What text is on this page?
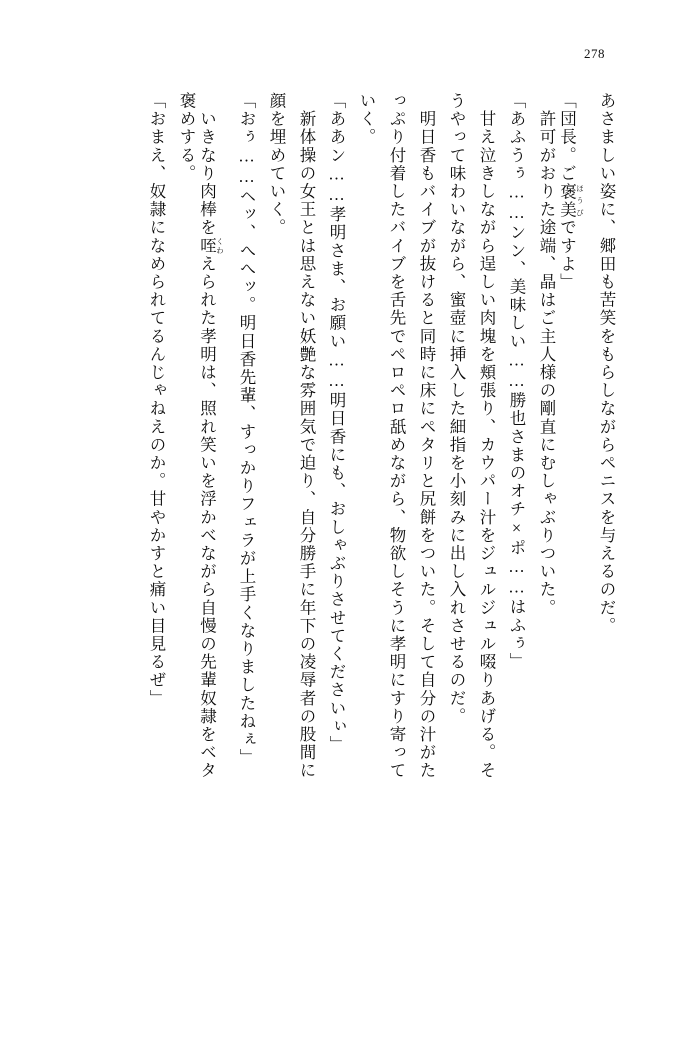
278
あさましい姿に、郷田も苦笑をもらしながらペニスを与えるのだ。
「団長。ご褒美 ほうびですよ」
　許可がおりた途端、晶はご主人様の剛直にむしゃぶりついた。
「あふうぅ……ンン、美味しい……勝也さまのオチ×ポ……はふぅ」
　甘え泣きしながら逞しい肉塊を頬張り、カウパー汁をジュルジュル啜りあげる。そ
うやって味わいながら、蜜壺に挿入した細指を小刻みに出し入れさせるのだ。
　明日香もバイブが抜けると同時に床にペタリと尻餅をついた。そして自分の汁がた
っぷり付着したバイブを舌先でペロペロ舐めながら、物欲しそうに孝明にすり寄って
いく。
「ああン……孝明さま、お願い……明日香にも、おしゃぶりさせてくださいぃ」
　新体操の女王とは思えない妖艶な雰囲気で迫り、自分勝手に年下の凌辱者の股間に
顔を埋めていく。
「おぅ……ヘッ、へへッ。明日香先輩、すっかりフェラが上手くなりましたねぇ」
　いきなり肉棒を咥 くわえられた孝明は、照れ笑いを浮かべながら自慢の先輩奴隷をベタ
褒めする。
「おまえ、奴隷になめられてるんじゃねえのか。甘やかすと痛い目見るぜ」
